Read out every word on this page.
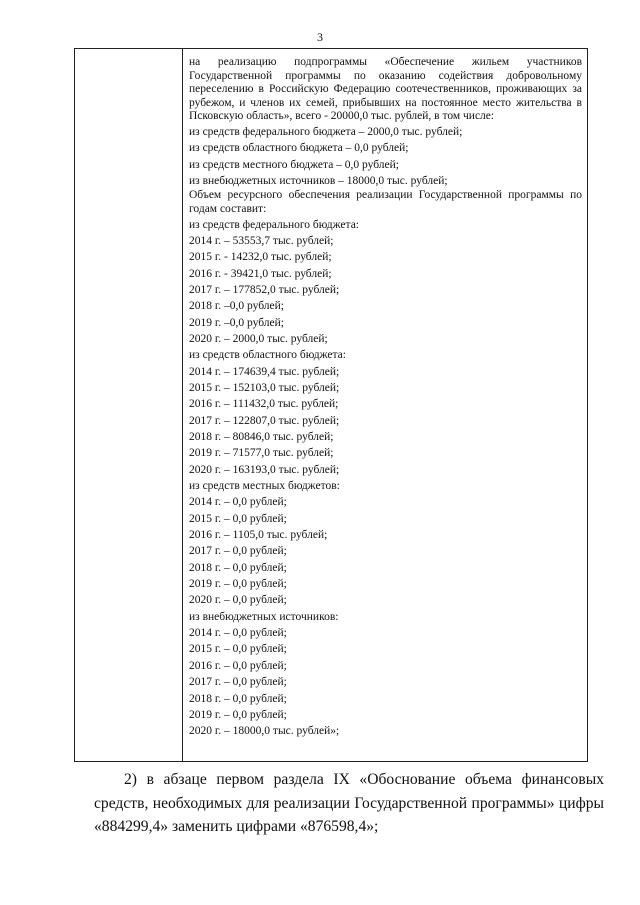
3
на реализацию подпрограммы «Обеспечение жильем участников Государственной программы по оказанию содействия добровольному переселению в Российскую Федерацию соотечественников, проживающих за рубежом, и членов их семей, прибывших на постоянное место жительства в Псковскую область», всего - 20000,0 тыс. рублей, в том числе:
из средств федерального бюджета – 2000,0 тыс. рублей;
из средств областного бюджета – 0,0 рублей;
из средств местного бюджета – 0,0 рублей;
из внебюджетных источников – 18000,0 тыс. рублей;
Объем ресурсного обеспечения реализации Государственной программы по годам составит:
из средств федерального бюджета:
2014 г. – 53553,7 тыс. рублей;
2015 г. - 14232,0 тыс. рублей;
2016 г. - 39421,0 тыс. рублей;
2017 г. – 177852,0 тыс. рублей;
2018 г. –0,0 рублей;
2019 г. –0,0 рублей;
2020 г. – 2000,0 тыс. рублей;
из средств областного бюджета:
2014 г. – 174639,4 тыс. рублей;
2015 г. – 152103,0 тыс. рублей;
2016 г. – 111432,0 тыс. рублей;
2017 г. – 122807,0 тыс. рублей;
2018 г. – 80846,0 тыс. рублей;
2019 г. – 71577,0 тыс. рублей;
2020 г. – 163193,0 тыс. рублей;
из средств местных бюджетов:
2014 г. – 0,0 рублей;
2015 г. – 0,0 рублей;
2016 г. – 1105,0 тыс. рублей;
2017 г. – 0,0 рублей;
2018 г. – 0,0 рублей;
2019 г. – 0,0 рублей;
2020 г. – 0,0 рублей;
из внебюджетных источников:
2014 г. – 0,0 рублей;
2015 г. – 0,0 рублей;
2016 г. – 0,0 рублей;
2017 г. – 0,0 рублей;
2018 г. – 0,0 рублей;
2019 г. – 0,0 рублей;
2020 г. – 18000,0 тыс. рублей»;
2) в абзаце первом раздела IX «Обоснование объема финансовых средств, необходимых для реализации Государственной программы» цифры «884299,4» заменить цифрами «876598,4»;
